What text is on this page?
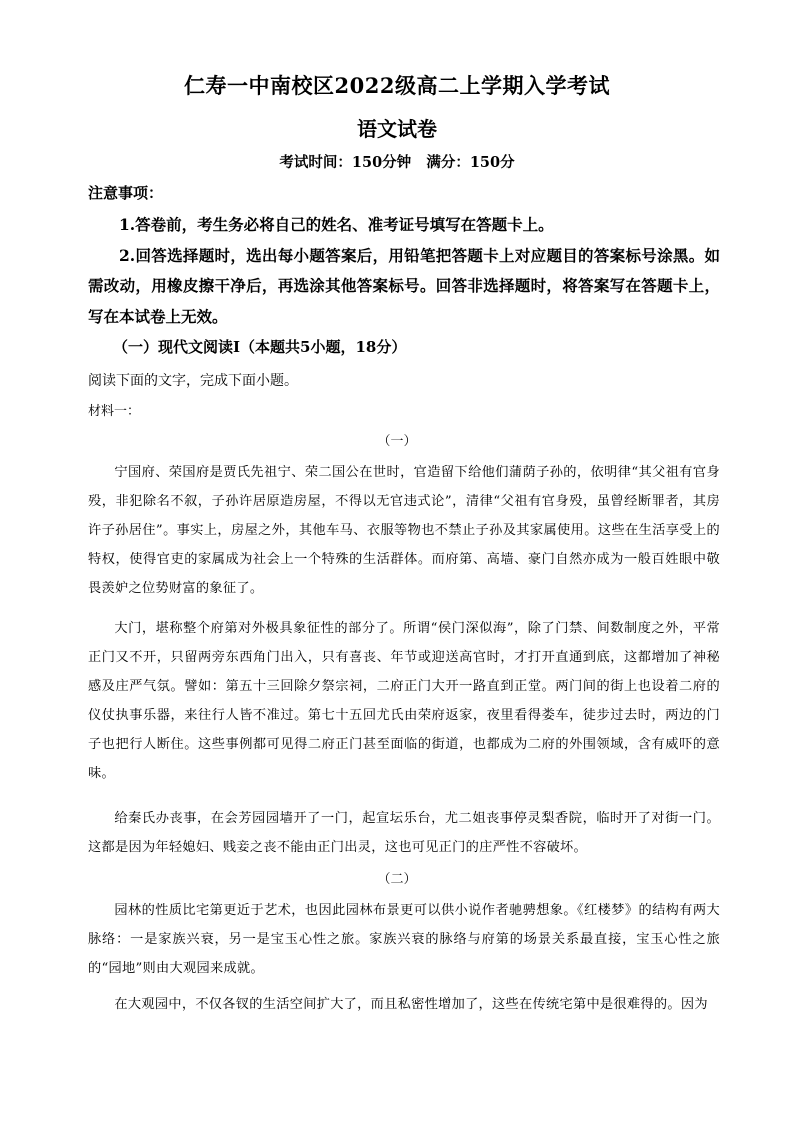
仁寿一中南校区2022级高二上学期入学考试
语文试卷
考试时间：150分钟   满分：150分
注意事项：

1.答卷前，考生务必将自己的姓名、准考证号填写在答题卡上。

2.回答选择题时，选出每小题答案后，用铅笔把答题卡上对应题目的答案标号涂黑。如需改动，用橡皮擦干净后，再选涂其他答案标号。回答非选择题时，将答案写在答题卡上，写在本试卷上无效。

（一）现代文阅读Ⅰ（本题共5小题，18分）
阅读下面的文字，完成下面小题。
材料一：
（一）

宁国府、荣国府是贾氏先祖宁、荣二国公在世时，官造留下给他们蒲荫子孙的，依明律“其父祖有官身殁，非犯除名不叙，子孙许居原造房屋，不得以无官违式论”，清律“父祖有官身殁，虽曾经断罪者，其房许子孙居住”。事实上，房屋之外，其他车马、衣服等物也不禁止子孙及其家属使用。这些在生活享受上的特权，使得官吏的家属成为社会上一个特殊的生活群体。而府第、高墙、豪门自然亦成为一般百姓眼中敬畏羡妒之位势财富的象征了。

大门，堪称整个府第对外极具象征性的部分了。所谓“侯门深似海”，除了门禁、间数制度之外，平常正门又不开，只留两旁东西角门出入，只有喜丧、年节或迎送高官时，才打开直通到底，这都增加了神秘感及庄严气氛。譬如：第五十三回除夕祭宗祠，二府正门大开一路直到正堂。两门间的街上也设着二府的仪仗执事乐器，来往行人皆不准过。第七十五回尤氏由荣府返家，夜里看得娄车，徒步过去时，两边的门子也把行人断住。这些事例都可见得二府正门甚至面临的街道，也都成为二府的外围领域，含有威吓的意味。

给秦氏办丧事，在会芳园园墙开了一门，起宣坛乐台，尤二姐丧事停灵梨香院，临时开了对街一门。这都是因为年轻媳妇、贱妾之丧不能由正门出灵，这也可见正门的庄严性不容破坏。

（二）

园林的性质比宅第更近于艺术，也因此园林布景更可以供小说作者驰骋想象。《红楼梦》的结构有两大脉络：一是家族兴衰，另一是宝玉心性之旅。家族兴衰的脉络与府第的场景关系最直接，宝玉心性之旅的“园地”则由大观园来成就。

在大观园中，不仅各钗的生活空间扩大了，而且私密性增加了，这些在传统宅第中是很难得的。因为
